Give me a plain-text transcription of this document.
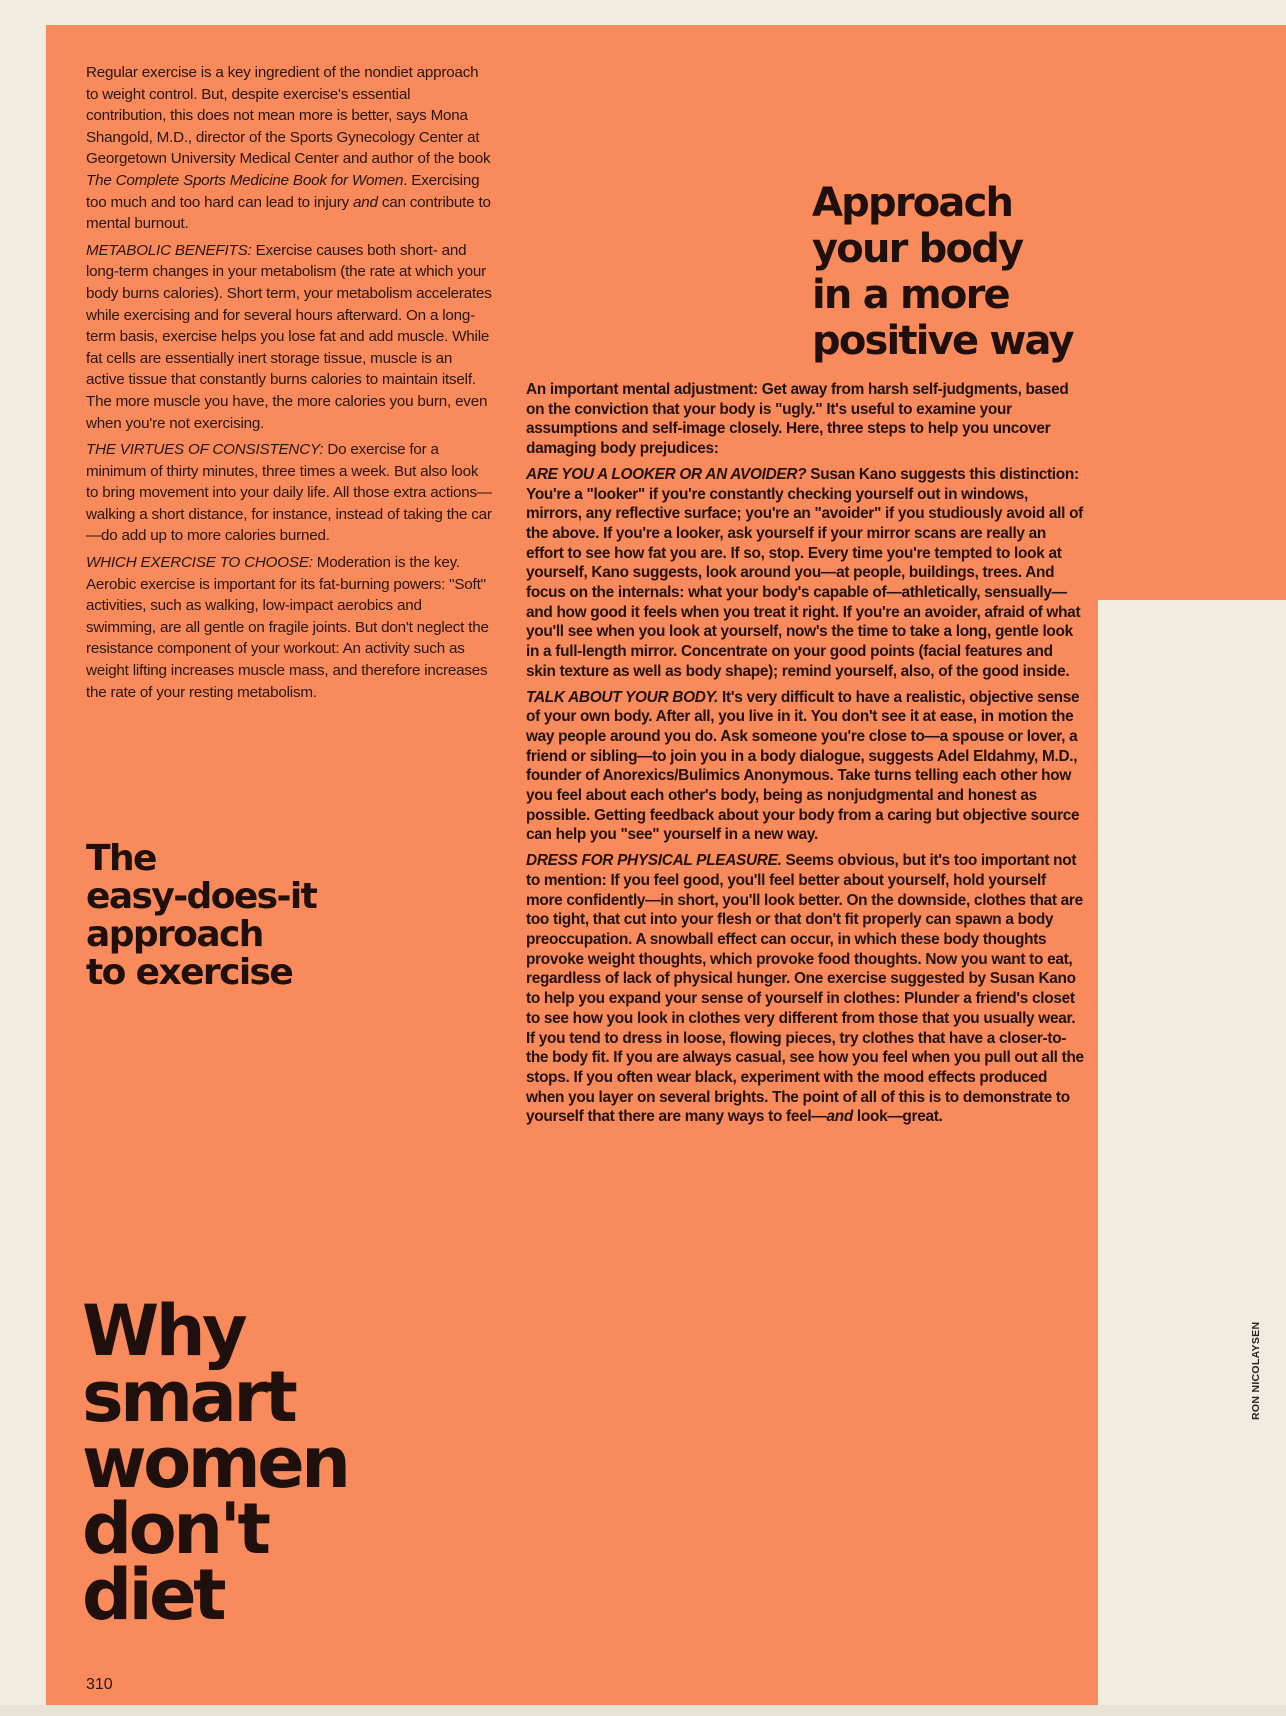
Regular exercise is a key ingredient of the nondiet approach to weight control. But, despite exercise's essential contribution, this does not mean more is better, says Mona Shangold, M.D., director of the Sports Gynecology Center at Georgetown University Medical Center and author of the book The Complete Sports Medicine Book for Women. Exercising too much and too hard can lead to injury and can contribute to mental burnout.

METABOLIC BENEFITS: Exercise causes both short- and long-term changes in your metabolism (the rate at which your body burns calories). Short term, your metabolism accelerates while exercising and for several hours afterward. On a long-term basis, exercise helps you lose fat and add muscle. While fat cells are essentially inert storage tissue, muscle is an active tissue that constantly burns calories to maintain itself. The more muscle you have, the more calories you burn, even when you're not exercising.

THE VIRTUES OF CONSISTENCY: Do exercise for a minimum of thirty minutes, three times a week. But also look to bring movement into your daily life. All those extra actions—walking a short distance, for instance, instead of taking the car—do add up to more calories burned.

WHICH EXERCISE TO CHOOSE: Moderation is the key. Aerobic exercise is important for its fat-burning powers: "Soft" activities, such as walking, low-impact aerobics and swimming, are all gentle on fragile joints. But don't neglect the resistance component of your workout: An activity such as weight lifting increases muscle mass, and therefore increases the rate of your resting metabolism.

Approach
your body
in a more
positive way
The
easy-does-it
approach
to exercise
Why
smart
women
don't
diet

An important mental adjustment: Get away from harsh self-judgments, based on the conviction that your body is "ugly." It's useful to examine your assumptions and self-image closely. Here, three steps to help you uncover damaging body prejudices:

ARE YOU A LOOKER OR AN AVOIDER? Susan Kano suggests this distinction: You're a "looker" if you're constantly checking yourself out in windows, mirrors, any reflective surface; you're an "avoider" if you studiously avoid all of the above. If you're a looker, ask yourself if your mirror scans are really an effort to see how fat you are. If so, stop. Every time you're tempted to look at yourself, Kano suggests, look around you—at people, buildings, trees. And focus on the internals: what your body's capable of—athletically, sensually—and how good it feels when you treat it right. If you're an avoider, afraid of what you'll see when you look at yourself, now's the time to take a long, gentle look in a full-length mirror. Concentrate on your good points (facial features and skin texture as well as body shape); remind yourself, also, of the good inside.

TALK ABOUT YOUR BODY. It's very difficult to have a realistic, objective sense of your own body. After all, you live in it. You don't see it at ease, in motion the way people around you do. Ask someone you're close to—a spouse or lover, a friend or sibling—to join you in a body dialogue, suggests Adel Eldahmy, M.D., founder of Anorexics/Bulimics Anonymous. Take turns telling each other how you feel about each other's body, being as nonjudgmental and honest as possible. Getting feedback about your body from a caring but objective source can help you "see" yourself in a new way.

DRESS FOR PHYSICAL PLEASURE. Seems obvious, but it's too important not to mention: If you feel good, you'll feel better about yourself, hold yourself more confidently—in short, you'll look better. On the downside, clothes that are too tight, that cut into your flesh or that don't fit properly can spawn a body preoccupation. A snowball effect can occur, in which these body thoughts provoke weight thoughts, which provoke food thoughts. Now you want to eat, regardless of lack of physical hunger. One exercise suggested by Susan Kano to help you expand your sense of yourself in clothes: Plunder a friend's closet to see how you look in clothes very different from those that you usually wear. If you tend to dress in loose, flowing pieces, try clothes that have a closer-to-the body fit. If you are always casual, see how you feel when you pull out all the stops. If you often wear black, experiment with the mood effects produced when you layer on several brights. The point of all of this is to demonstrate to yourself that there are many ways to feel—and look—great.

310
RON NICOLAYSEN
